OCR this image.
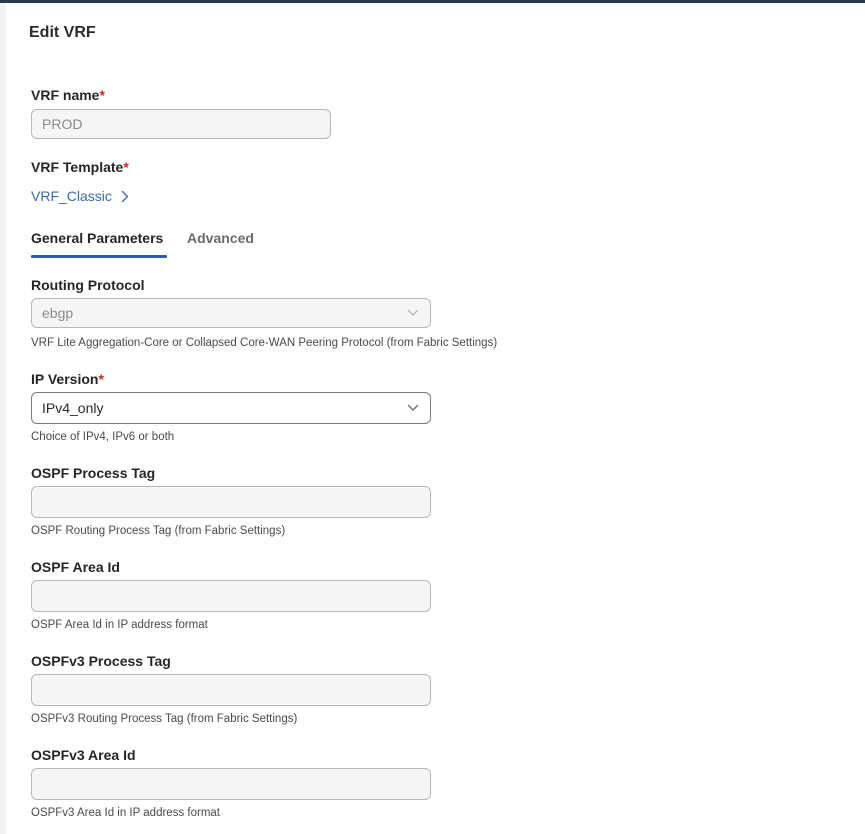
Edit VRF
VRF name*
PROD
VRF Template*
VRF_Classic
General Parameters Advanced
Routing Protocol
ebgp
VRF Lite Aggregation-Core or Collapsed Core-WAN Peering Protocol (from Fabric Settings)
IP Version*
IPv4_only
Choice of IPv4, IPv6 or both
OSPF Process Tag
OSPF Routing Process Tag (from Fabric Settings)
OSPF Area Id
OSPF Area Id in IP address format
OSPFv3 Process Tag
OSPFv3 Routing Process Tag (from Fabric Settings)
OSPFv3 Area Id
OSPFv3 Area Id in IP address format
